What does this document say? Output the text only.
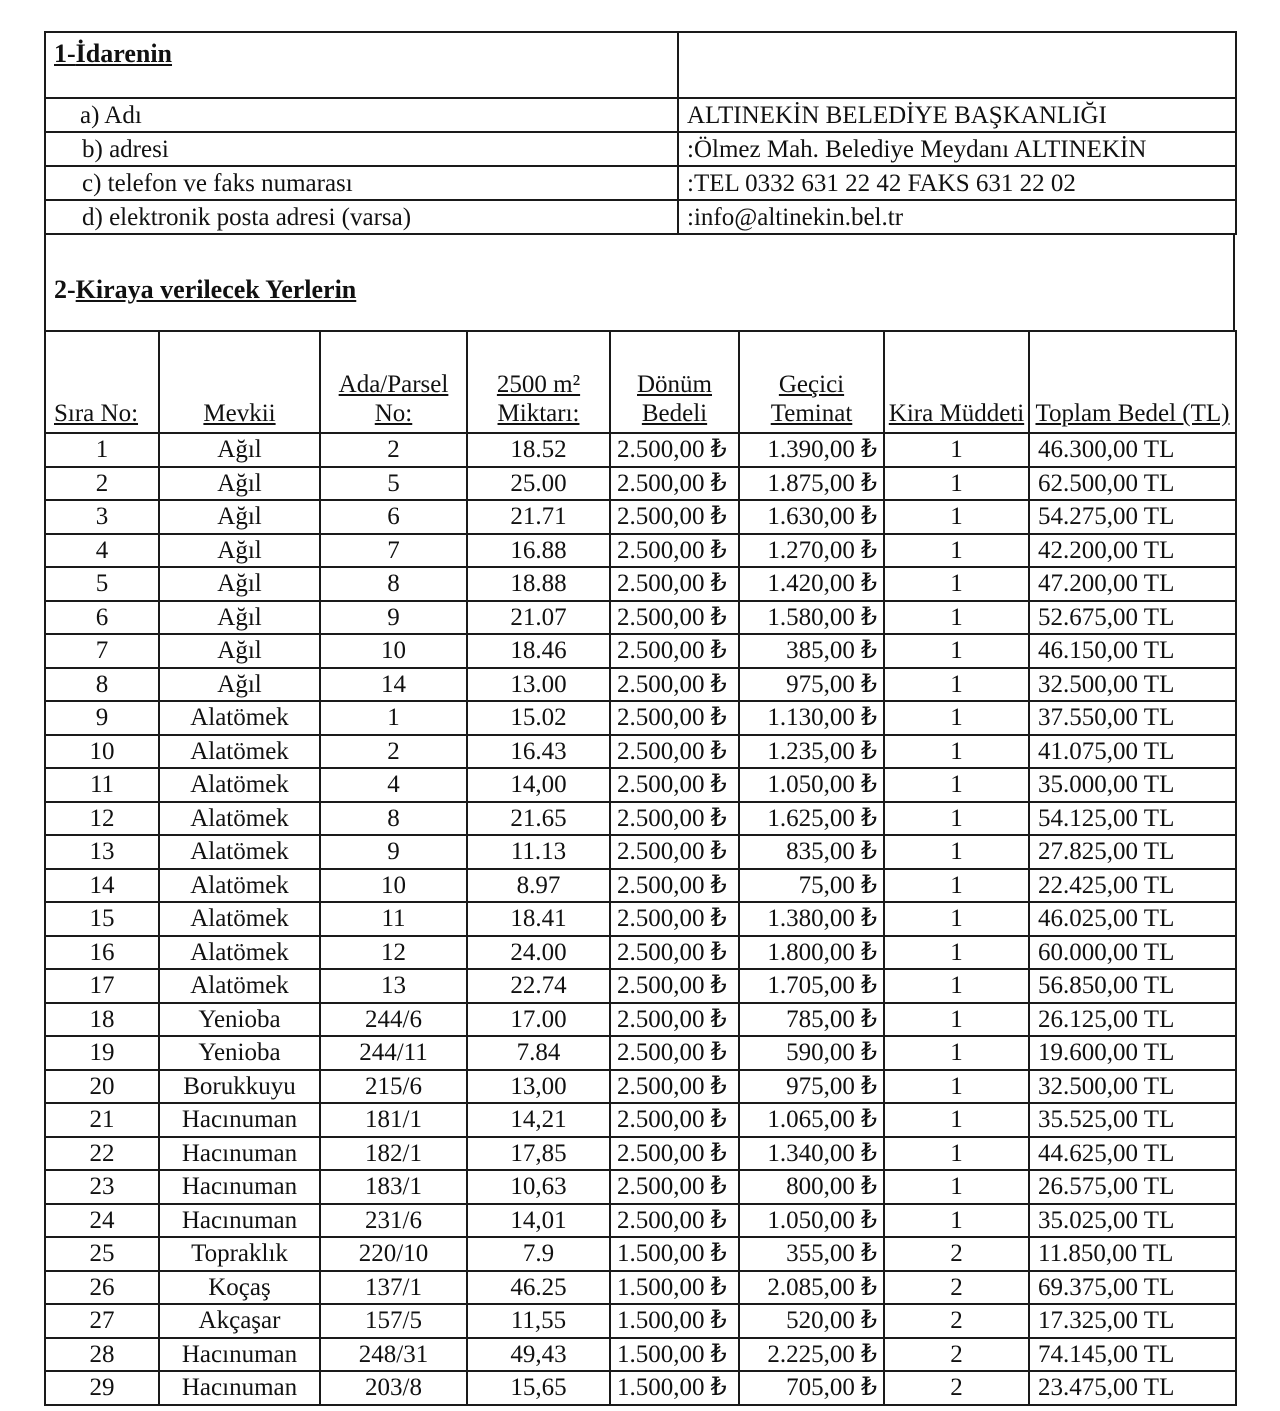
1-İdarenin	

a) Adı	ALTINEKİN BELEDİYE BAŞKANLIĞI
b) adresi	:Ölmez Mah. Belediye Meydanı ALTINEKİN
c) telefon ve faks numarası	:TEL 0332 631 22 42 FAKS 631 22 02
d) elektronik posta adresi (varsa)	:info@altinekin.bel.tr
2-Kiraya verilecek Yerlerin
Sıra No:	Mevkii	Ada/Parsel No:	2500 m² Miktarı:	Dönüm Bedeli	Geçici Teminat	Kira Müddeti	Toplam Bedel (TL)
1	Ağıl	2	18.52	2.500,00 ₺	1.390,00 ₺	1	46.300,00 TL
2	Ağıl	5	25.00	2.500,00 ₺	1.875,00 ₺	1	62.500,00 TL
3	Ağıl	6	21.71	2.500,00 ₺	1.630,00 ₺	1	54.275,00 TL
4	Ağıl	7	16.88	2.500,00 ₺	1.270,00 ₺	1	42.200,00 TL
5	Ağıl	8	18.88	2.500,00 ₺	1.420,00 ₺	1	47.200,00 TL
6	Ağıl	9	21.07	2.500,00 ₺	1.580,00 ₺	1	52.675,00 TL
7	Ağıl	10	18.46	2.500,00 ₺	385,00 ₺	1	46.150,00 TL
8	Ağıl	14	13.00	2.500,00 ₺	975,00 ₺	1	32.500,00 TL
9	Alatömek	1	15.02	2.500,00 ₺	1.130,00 ₺	1	37.550,00 TL
10	Alatömek	2	16.43	2.500,00 ₺	1.235,00 ₺	1	41.075,00 TL
11	Alatömek	4	14,00	2.500,00 ₺	1.050,00 ₺	1	35.000,00 TL
12	Alatömek	8	21.65	2.500,00 ₺	1.625,00 ₺	1	54.125,00 TL
13	Alatömek	9	11.13	2.500,00 ₺	835,00 ₺	1	27.825,00 TL
14	Alatömek	10	8.97	2.500,00 ₺	75,00 ₺	1	22.425,00 TL
15	Alatömek	11	18.41	2.500,00 ₺	1.380,00 ₺	1	46.025,00 TL
16	Alatömek	12	24.00	2.500,00 ₺	1.800,00 ₺	1	60.000,00 TL
17	Alatömek	13	22.74	2.500,00 ₺	1.705,00 ₺	1	56.850,00 TL
18	Yenioba	244/6	17.00	2.500,00 ₺	785,00 ₺	1	26.125,00 TL
19	Yenioba	244/11	7.84	2.500,00 ₺	590,00 ₺	1	19.600,00 TL
20	Borukkuyu	215/6	13,00	2.500,00 ₺	975,00 ₺	1	32.500,00 TL
21	Hacınuman	181/1	14,21	2.500,00 ₺	1.065,00 ₺	1	35.525,00 TL
22	Hacınuman	182/1	17,85	2.500,00 ₺	1.340,00 ₺	1	44.625,00 TL
23	Hacınuman	183/1	10,63	2.500,00 ₺	800,00 ₺	1	26.575,00 TL
24	Hacınuman	231/6	14,01	2.500,00 ₺	1.050,00 ₺	1	35.025,00 TL
25	Topraklık	220/10	7.9	1.500,00 ₺	355,00 ₺	2	11.850,00 TL
26	Koçaş	137/1	46.25	1.500,00 ₺	2.085,00 ₺	2	69.375,00 TL
27	Akçaşar	157/5	11,55	1.500,00 ₺	520,00 ₺	2	17.325,00 TL
28	Hacınuman	248/31	49,43	1.500,00 ₺	2.225,00 ₺	2	74.145,00 TL
29	Hacınuman	203/8	15,65	1.500,00 ₺	705,00 ₺	2	23.475,00 TL
